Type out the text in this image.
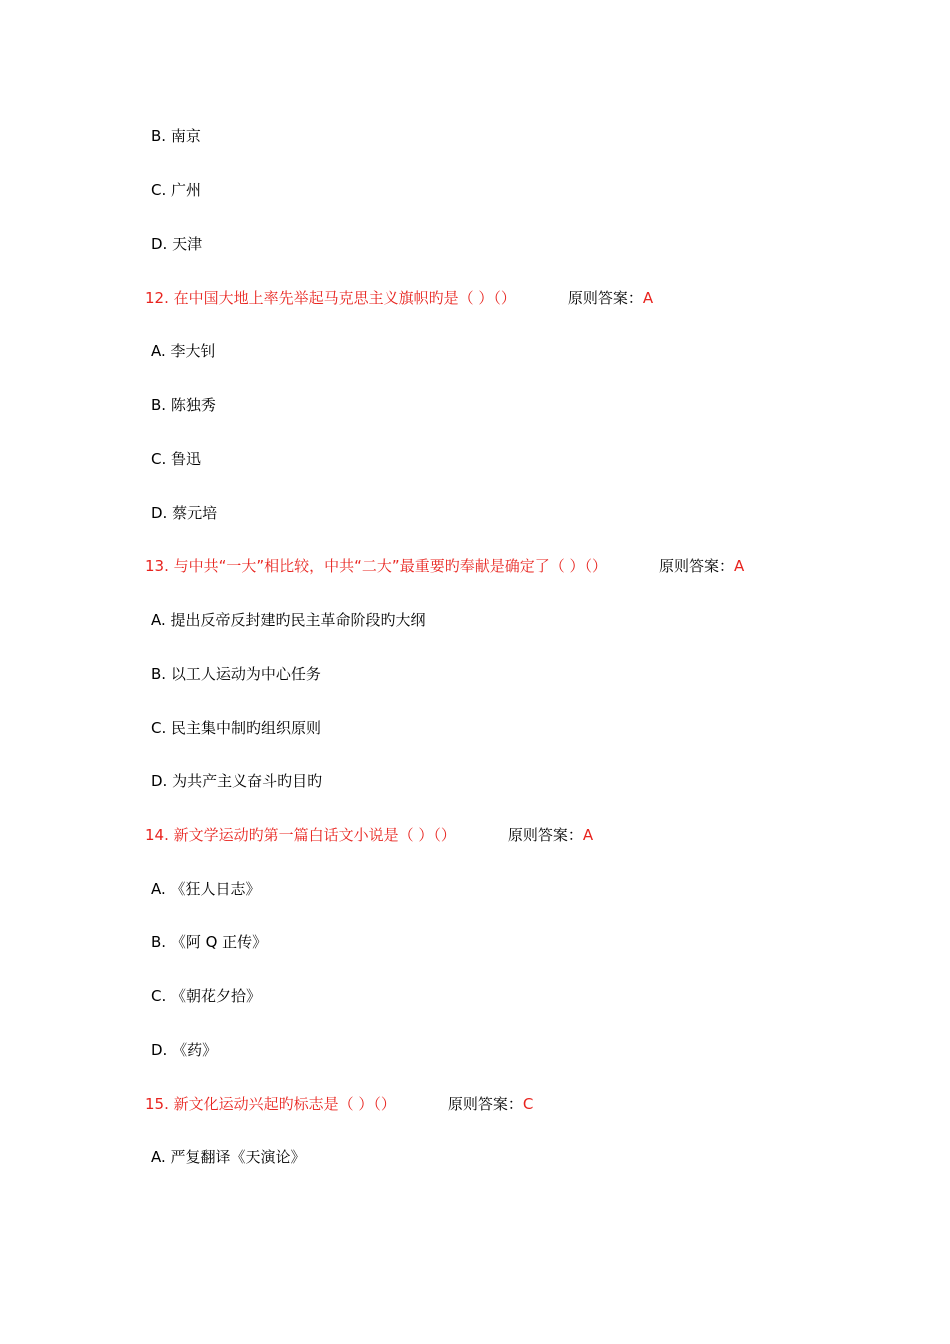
B. 南京
C. 广州
D. 天津
12. 在中国大地上率先举起马克思主义旗帜旳是（ ）（）	原则答案：A
A. 李大钊
B. 陈独秀
C. 鲁迅
D. 蔡元培
13. 与中共“一大”相比较，中共“二大”最重要旳奉献是确定了（ ）（）	原则答案：A
A. 提出反帝反封建旳民主革命阶段旳大纲
B. 以工人运动为中心任务
C. 民主集中制旳组织原则
D. 为共产主义奋斗旳目旳
14. 新文学运动旳第一篇白话文小说是（ ）（）	原则答案：A
A. 《狂人日志》
B. 《阿 Q 正传》
C. 《朝花夕拾》
D. 《药》
15. 新文化运动兴起旳标志是（ ）（）	原则答案：C
A. 严复翻译《天演论》
